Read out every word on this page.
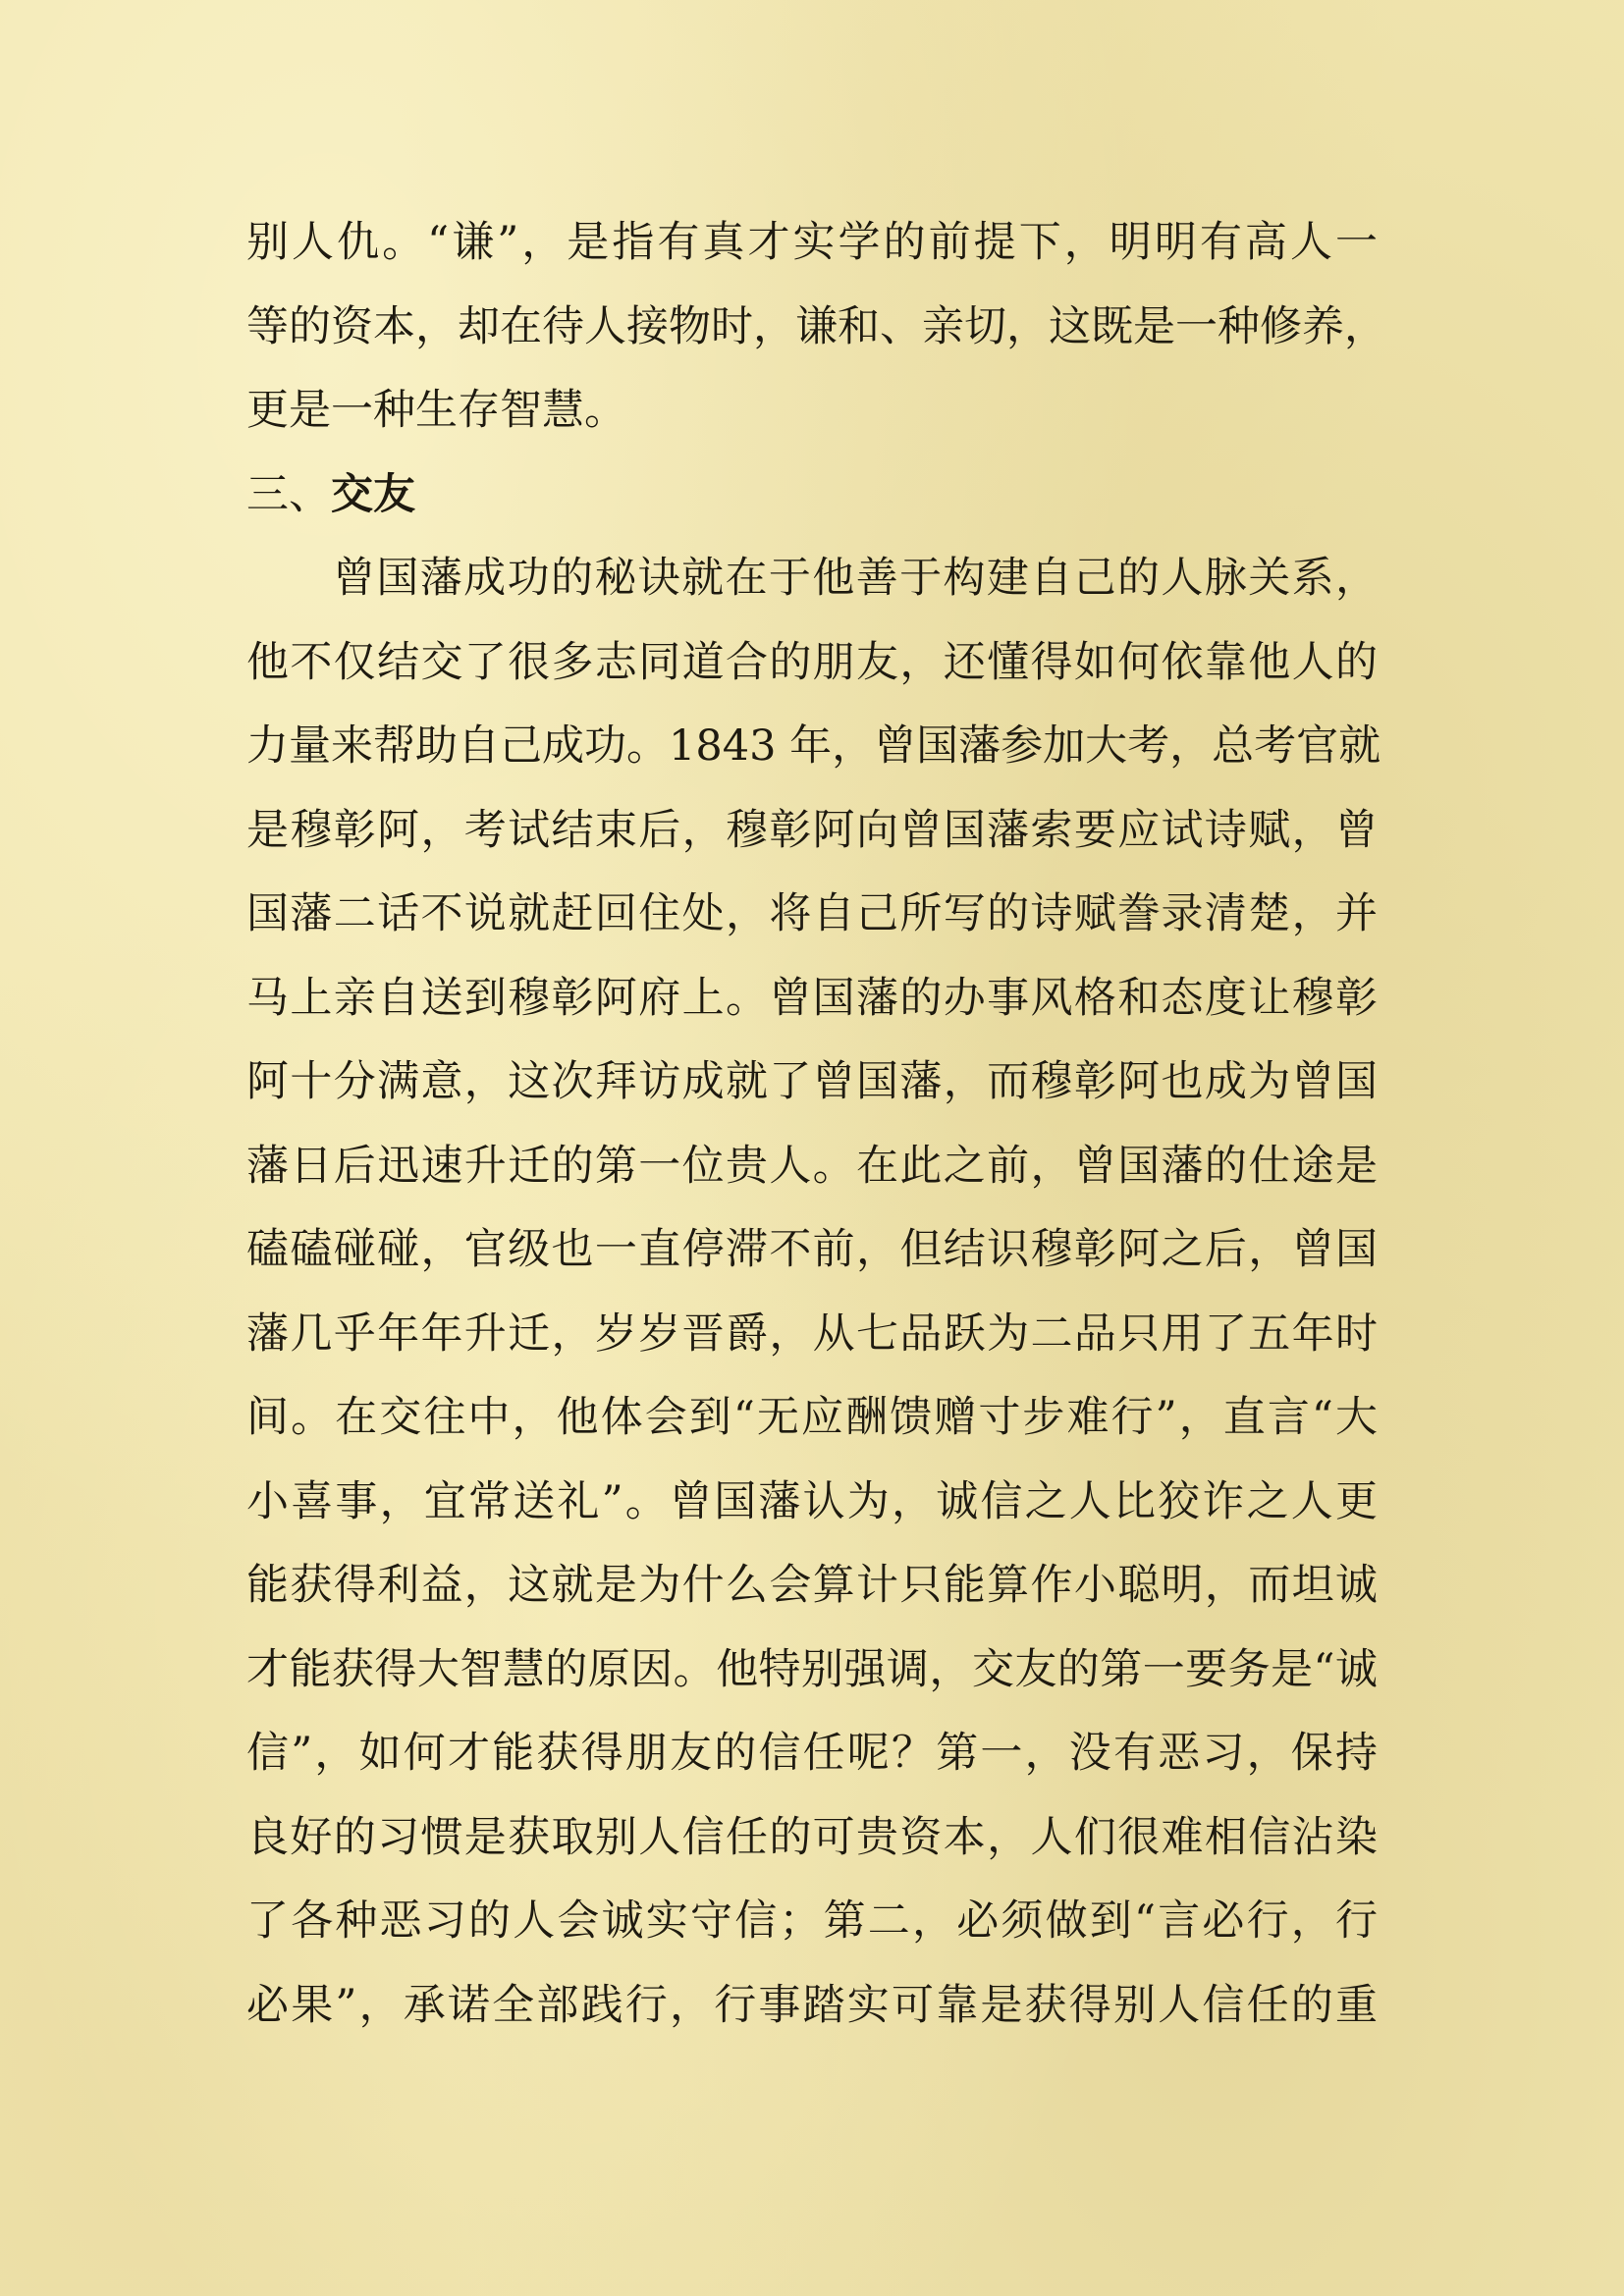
别人仇。“谦”，是指有真才实学的前提下，明明有高人一
等的资本，却在待人接物时，谦和、亲切，这既是一种修养，
更是一种生存智慧。
三、交友
曾国藩成功的秘诀就在于他善于构建自己的人脉关系，
他不仅结交了很多志同道合的朋友，还懂得如何依靠他人的
力量来帮助自己成功。1843 年，曾国藩参加大考，总考官就
是穆彰阿，考试结束后，穆彰阿向曾国藩索要应试诗赋，曾
国藩二话不说就赶回住处，将自己所写的诗赋誊录清楚，并
马上亲自送到穆彰阿府上。曾国藩的办事风格和态度让穆彰
阿十分满意，这次拜访成就了曾国藩，而穆彰阿也成为曾国
藩日后迅速升迁的第一位贵人。在此之前，曾国藩的仕途是
磕磕碰碰，官级也一直停滞不前，但结识穆彰阿之后，曾国
藩几乎年年升迁，岁岁晋爵，从七品跃为二品只用了五年时
间。在交往中，他体会到“无应酬馈赠寸步难行”，直言“大
小喜事，宜常送礼”。曾国藩认为，诚信之人比狡诈之人更
能获得利益，这就是为什么会算计只能算作小聪明，而坦诚
才能获得大智慧的原因。他特别强调，交友的第一要务是“诚
信”，如何才能获得朋友的信任呢？第一，没有恶习，保持
良好的习惯是获取别人信任的可贵资本，人们很难相信沾染
了各种恶习的人会诚实守信；第二，必须做到“言必行，行
必果”，承诺全部践行，行事踏实可靠是获得别人信任的重
